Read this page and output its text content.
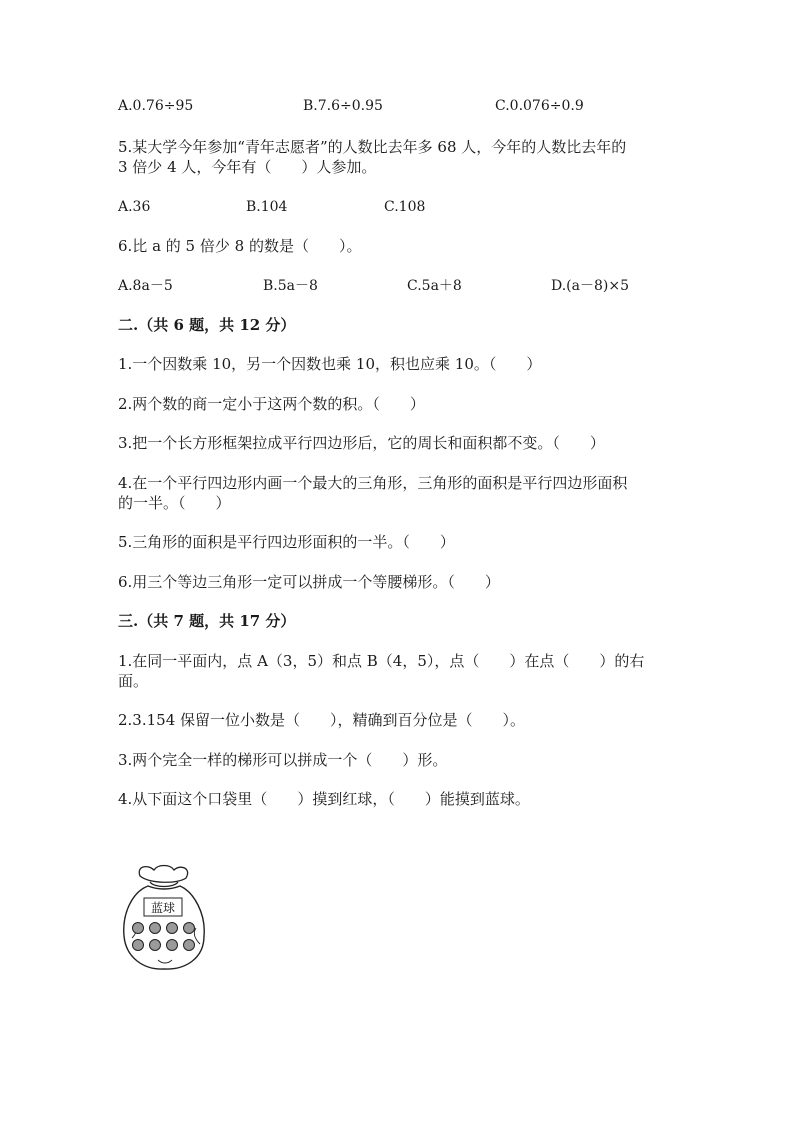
A.0.76÷95	B.7.6÷0.95	C.0.076÷0.9
5.某大学今年参加“青年志愿者”的人数比去年多 68 人，今年的人数比去年的
3 倍少 4 人，今年有（　　）人参加。
A.36	B.104	C.108
6.比 a 的 5 倍少 8 的数是（　　）。
A.8a－5	B.5a－8	C.5a＋8	D.(a－8)×5
二.（共 6 题，共 12 分）
1.一个因数乘 10，另一个因数也乘 10，积也应乘 10。（　　）
2.两个数的商一定小于这两个数的积。（　　）
3.把一个长方形框架拉成平行四边形后，它的周长和面积都不变。（　　）
4.在一个平行四边形内画一个最大的三角形，三角形的面积是平行四边形面积
的一半。（　　）
5.三角形的面积是平行四边形面积的一半。（　　）
6.用三个等边三角形一定可以拼成一个等腰梯形。（　　）
三.（共 7 题，共 17 分）
1.在同一平面内，点 A（3，5）和点 B（4，5），点（　　）在点（　　）的右
面。
2.3.154 保留一位小数是（　　），精确到百分位是（　　）。
3.两个完全一样的梯形可以拼成一个（　　）形。
4.从下面这个口袋里（　　）摸到红球，（　　）能摸到蓝球。
蓝球
